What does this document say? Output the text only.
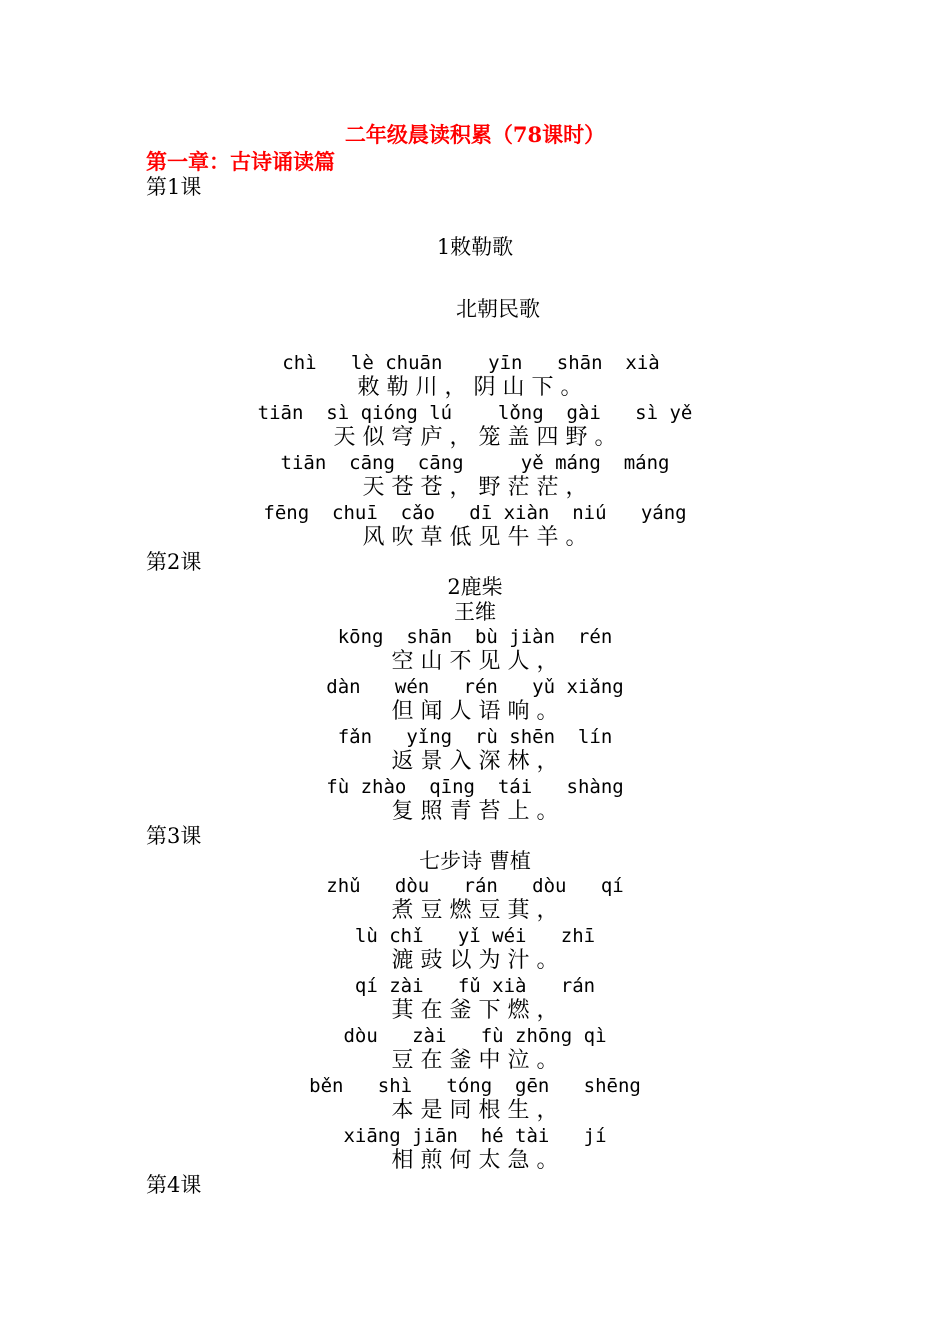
二年级晨读积累（78课时）
第一章：古诗诵读篇
第1课
1敕勒歌
北朝民歌
chì   lè chuān    yīn   shān  xià
敕 勒 川 ， 阴 山 下 。
tiān  sì qióng lú    lǒng  gài   sì yě
天 似 穹 庐 ， 笼 盖 四 野 。
tiān  cāng  cāng     yě máng  máng
天 苍 苍 ， 野 茫 茫 ，
fēng  chuī  cǎo   dī xiàn  niú   yáng
风 吹 草 低 见 牛 羊 。
第2课
2鹿柴
王维
kōng  shān  bù jiàn  rén
空 山 不 见 人 ，
dàn   wén   rén   yǔ xiǎng
但 闻 人 语 响 。
fǎn   yǐng  rù shēn  lín
返 景 入 深 林 ，
fù zhào  qīng  tái   shàng
复 照 青 苔 上 。
第3课
七步诗 曹植
zhǔ   dòu   rán   dòu   qí
煮 豆 燃 豆 萁 ，
lù chǐ   yǐ wéi   zhī
漉 豉 以 为 汁 。
qí zài   fǔ xià   rán
萁 在 釜 下 燃 ，
dòu   zài   fù zhōng qì
豆 在 釜 中 泣 。
běn   shì   tóng  gēn   shēng
本 是 同 根 生 ，
xiāng jiān  hé tài   jí
相 煎 何 太 急 。
第4课
